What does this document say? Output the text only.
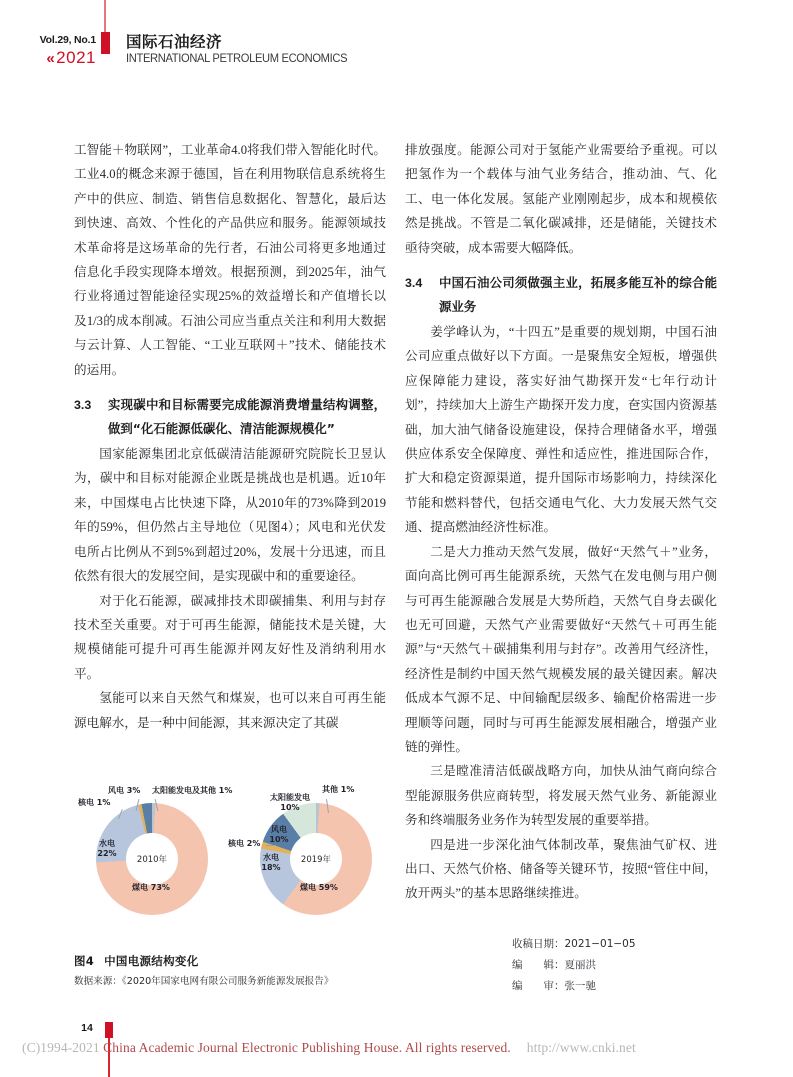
Vol.29, No.1
«2021
国际石油经济
INTERNATIONAL PETROLEUM ECONOMICS

工智能＋物联网”，工业革命4.0将我们带入智能化时代。工业4.0的概念来源于德国，旨在利用物联信息系统将生产中的供应、制造、销售信息数据化、智慧化，最后达到快速、高效、个性化的产品供应和服务。能源领域技术革命将是这场革命的先行者，石油公司将更多地通过信息化手段实现降本增效。根据预测，到2025年，油气行业将通过智能途径实现25%的效益增长和产值增长以及1/3的成本削减。石油公司应当重点关注和利用大数据与云计算、人工智能、“工业互联网＋”技术、储能技术的运用。

3.3	实现碳中和目标需要完成能源消费增量结构调整，做到“化石能源低碳化、清洁能源规模化”

国家能源集团北京低碳清洁能源研究院院长卫昱认为，碳中和目标对能源企业既是挑战也是机遇。近10年来，中国煤电占比快速下降，从2010年的73%降到2019年的59%，但仍然占主导地位（见图4）；风电和光伏发电所占比例从不到5%到超过20%，发展十分迅速，而且依然有很大的发展空间，是实现碳中和的重要途径。

对于化石能源，碳减排技术即碳捕集、利用与封存技术至关重要。对于可再生能源，储能技术是关键，大规模储能可提升可再生能源并网友好性及消纳利用水平。

氢能可以来自天然气和煤炭，也可以来自可再生能源电解水，是一种中间能源，其来源决定了其碳

2010年
煤电 73%
水电
22%
核电 1%
风电 3% 太阳能发电及其他 1%
2019年
煤电 59%
水电
18%
核电 2%
风电
10%
太阳能发电
10%
其他 1%
图4 中国电源结构变化
数据来源：《2020年国家电网有限公司服务新能源发展报告》

排放强度。能源公司对于氢能产业需要给予重视。可以把氢作为一个载体与油气业务结合，推动油、气、化工、电一体化发展。氢能产业刚刚起步，成本和规模依然是挑战。不管是二氧化碳减排，还是储能，关键技术亟待突破，成本需要大幅降低。

3.4	中国石油公司须做强主业，拓展多能互补的综合能源业务

姜学峰认为，“十四五”是重要的规划期，中国石油公司应重点做好以下方面。一是聚焦安全短板，增强供应保障能力建设，落实好油气勘探开发“七年行动计划”，持续加大上游生产勘探开发力度，夿实国内资源基础，加大油气储备设施建设，保持合理储备水平，增强供应体系安全保障度、弹性和适应性，推进国际合作，扩大和稳定资源渠道，提升国际市场影响力，持续深化节能和燃料替代，包括交通电气化、大力发展天然气交通、提高燃油经济性标准。

二是大力推动天然气发展，做好“天然气＋”业务，面向高比例可再生能源系统，天然气在发电侧与用户侧与可再生能源融合发展是大势所趋，天然气自身去碳化也无可回避，天然气产业需要做好“天然气＋可再生能源”与“天然气＋碳捕集利用与封存”。改善用气经济性，经济性是制约中国天然气规模发展的最关键因素。解决低成本气源不足、中间输配层级多、输配价格需进一步理顺等问题，同时与可再生能源发展相融合，增强产业链的弹性。

三是瞠准清洁低碳战略方向，加快从油气商向综合型能源服务供应商转型，将发展天然气业务、新能源业务和终端服务业务作为转型发展的重要举措。

四是进一步深化油气体制改革，聚焦油气矿权、进出口、天然气价格、储备等关键环节，按照“管住中间，放开两头”的基本思路继续推进。

收稿日期 ： 2021−01−05
编　　辑 ： 夏丽洪
编　　审 ： 张一驰
14
(C)1994-2021 China Academic Journal Electronic Publishing House. All rights reserved. http://www.cnki.net
